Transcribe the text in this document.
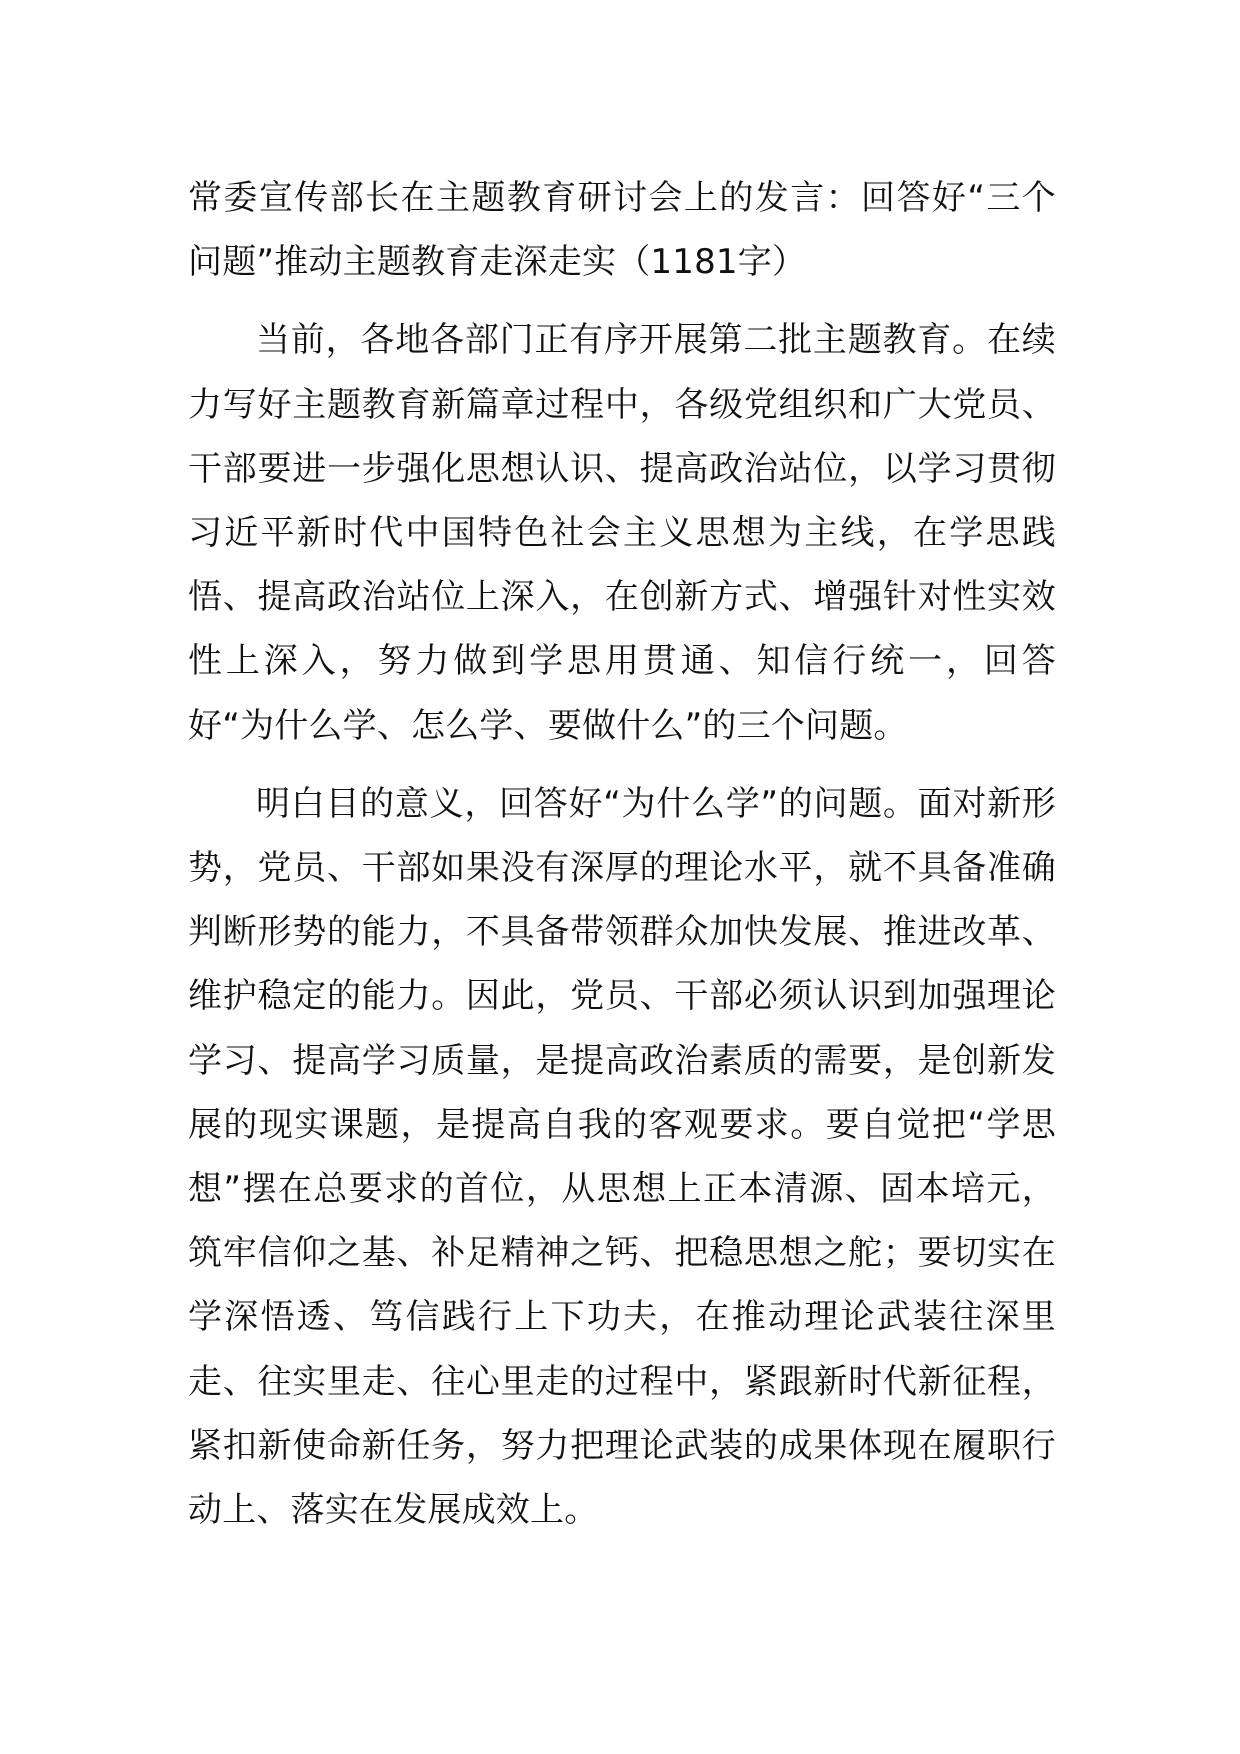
常委宣传部长在主题教育研讨会上的发言：回答好“三个问题”推动主题教育走深走实（1181字）

当前，各地各部门正有序开展第二批主题教育。在续力写好主题教育新篇章过程中，各级党组织和广大党员、干部要进一步强化思想认识、提高政治站位，以学习贯彻习近平新时代中国特色社会主义思想为主线，在学思践悟、提高政治站位上深入，在创新方式、增强针对性实效性上深入，努力做到学思用贯通、知信行统一，回答好“为什么学、怎么学、要做什么”的三个问题。

明白目的意义，回答好“为什么学”的问题。面对新形势，党员、干部如果没有深厚的理论水平，就不具备准确判断形势的能力，不具备带领群众加快发展、推进改革、维护稳定的能力。因此，党员、干部必须认识到加强理论学习、提高学习质量，是提高政治素质的需要，是创新发展的现实课题，是提高自我的客观要求。要自觉把“学思想”摆在总要求的首位，从思想上正本清源、固本培元，筑牢信仰之基、补足精神之钙、把稳思想之舵；要切实在学深悟透、笃信践行上下功夫，在推动理论武装往深里走、往实里走、往心里走的过程中，紧跟新时代新征程，紧扣新使命新任务，努力把理论武装的成果体现在履职行动上、落实在发展成效上。
